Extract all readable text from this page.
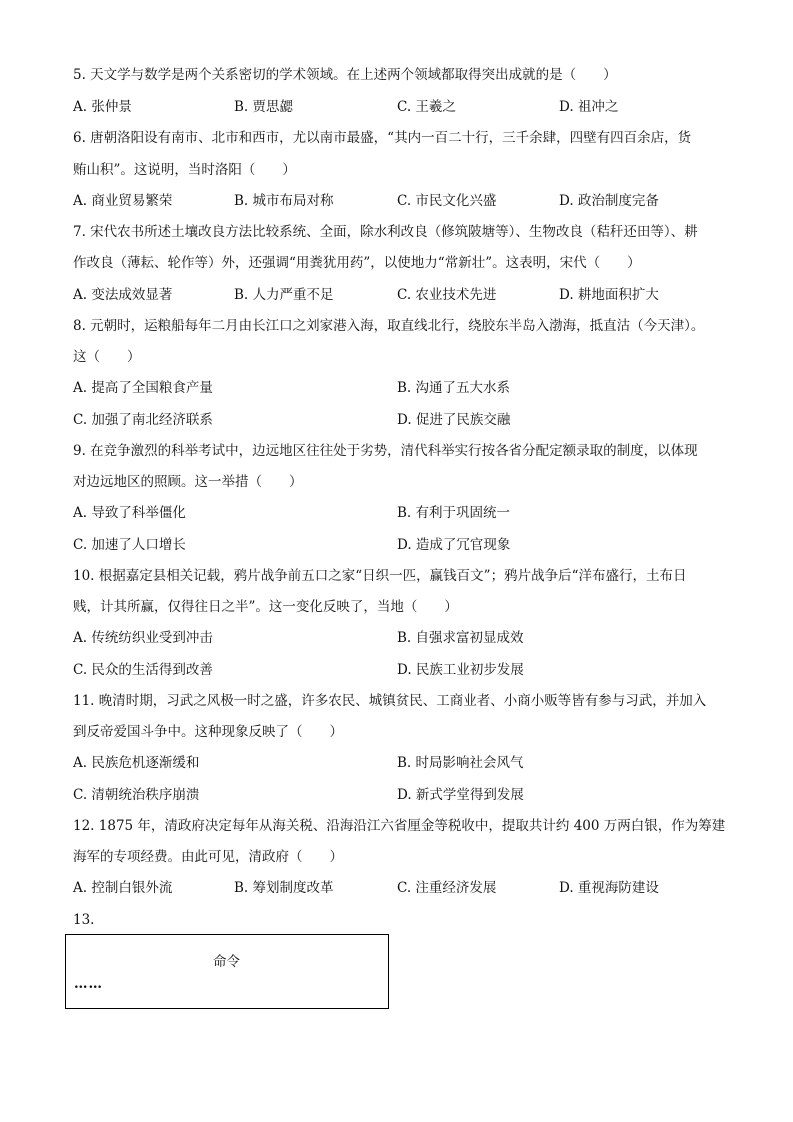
5. 天文学与数学是两个关系密切的学术领域。在上述两个领域都取得突出成就的是（　　）
A. 张仲景	B. 贾思勰	C. 王羲之	D. 祖冲之
6. 唐朝洛阳设有南市、北市和西市，尤以南市最盛，“其内一百二十行，三千余肆，四壁有四百余店，货
贿山积”。这说明，当时洛阳（　　）
A. 商业贸易繁荣	B. 城市布局对称	C. 市民文化兴盛	D. 政治制度完备
7. 宋代农书所述土壤改良方法比较系统、全面，除水利改良（修筑陂塘等）、生物改良（秸秆还田等）、耕
作改良（薄耘、轮作等）外，还强调“用粪犹用药”，以使地力“常新壮”。这表明，宋代（　　）
A. 变法成效显著	B. 人力严重不足	C. 农业技术先进	D. 耕地面积扩大
8. 元朝时，运粮船每年二月由长江口之刘家港入海，取直线北行，绕胶东半岛入渤海，抵直沽（今天津）。
这（　　）
A. 提高了全国粮食产量	B. 沟通了五大水系
C. 加强了南北经济联系	D. 促进了民族交融
9. 在竞争激烈的科举考试中，边远地区往往处于劣势，清代科举实行按各省分配定额录取的制度，以体现
对边远地区的照顾。这一举措（　　）
A. 导致了科举僵化	B. 有利于巩固统一
C. 加速了人口增长	D. 造成了冗官现象
10. 根据嘉定县相关记载，鸦片战争前五口之家“日织一匹，赢钱百文”；鸦片战争后“洋布盛行，土布日
贱，计其所赢，仅得往日之半”。这一变化反映了，当地（　　）
A. 传统纺织业受到冲击	B. 自强求富初显成效
C. 民众的生活得到改善	D. 民族工业初步发展
11. 晚清时期，习武之风极一时之盛，许多农民、城镇贫民、工商业者、小商小贩等皆有参与习武，并加入
到反帝爱国斗争中。这种现象反映了（　　）
A. 民族危机逐渐缓和	B. 时局影响社会风气
C. 清朝统治秩序崩溃	D. 新式学堂得到发展
12. 1875 年，清政府决定每年从海关税、沿海沿江六省厘金等税收中，提取共计约 400 万两白银，作为筹建
海军的专项经费。由此可见，清政府（　　）
A. 控制白银外流	B. 筹划制度改革	C. 注重经济发展	D. 重视海防建设
13.
命令
……
